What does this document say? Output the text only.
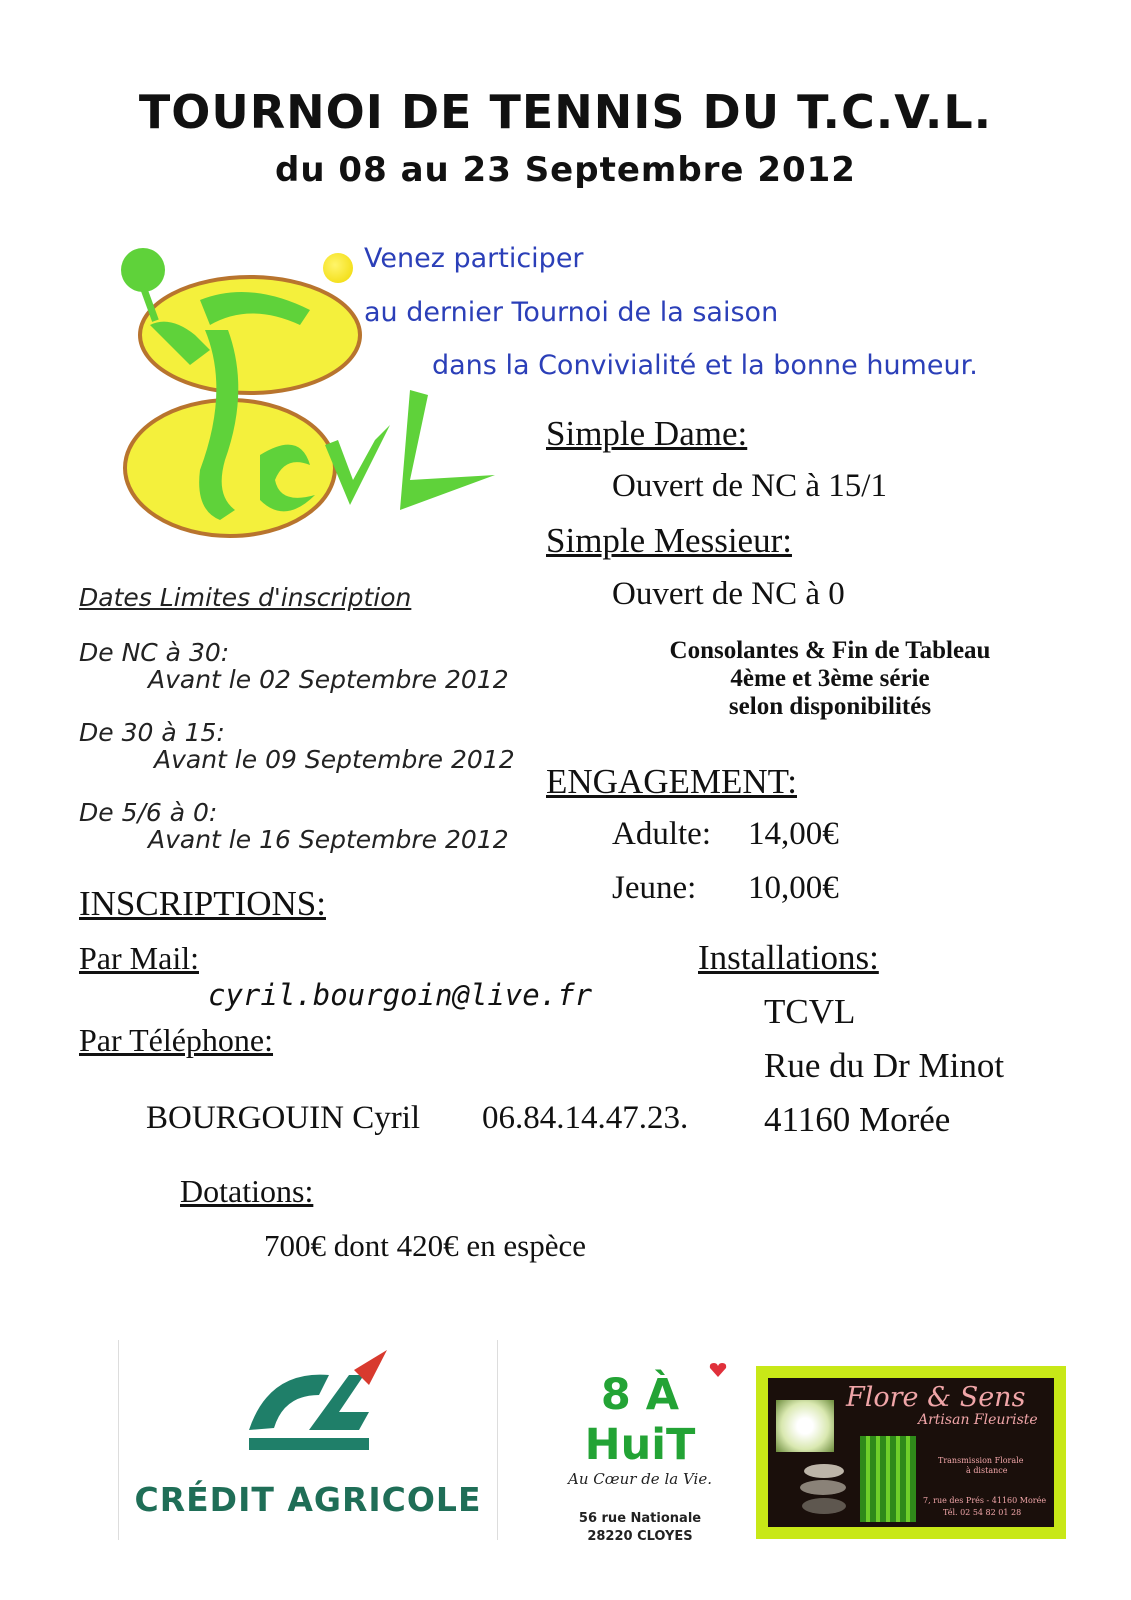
TOURNOI DE TENNIS DU T.C.V.L.
du 08 au 23 Septembre 2012
Venez participer
au dernier Tournoi de la saison
dans la Convivialité et la bonne humeur.
Simple Dame:
Ouvert de NC à 15/1
Simple Messieur:
Ouvert de NC à 0
Consolantes & Fin de Tableau
4ème et 3ème série
selon disponibilités
Dates Limites d'inscription
De NC à 30:
Avant le 02 Septembre 2012
De 30 à 15:
Avant le 09 Septembre 2012
De 5/6 à 0:
Avant le 16 Septembre 2012
ENGAGEMENT:
Adulte: 14,00€
Jeune: 10,00€
INSCRIPTIONS:
Par Mail:
cyril.bourgoin@live.fr
Par Téléphone:
BOURGOUIN Cyril 06.84.14.47.23.
Installations:
TCVL
Rue du Dr Minot
41160 Morée
Dotations:
700€ dont 420€ en espèce
CRÉDIT AGRICOLE
8 À HuiT
Au Cœur de la Vie.
56 rue Nationale
28220 CLOYES
Flore & Sens
Artisan Fleuriste
Transmission Florale
à distance
7, rue des Prés - 41160 Morée
Tél. 02 54 82 01 28
